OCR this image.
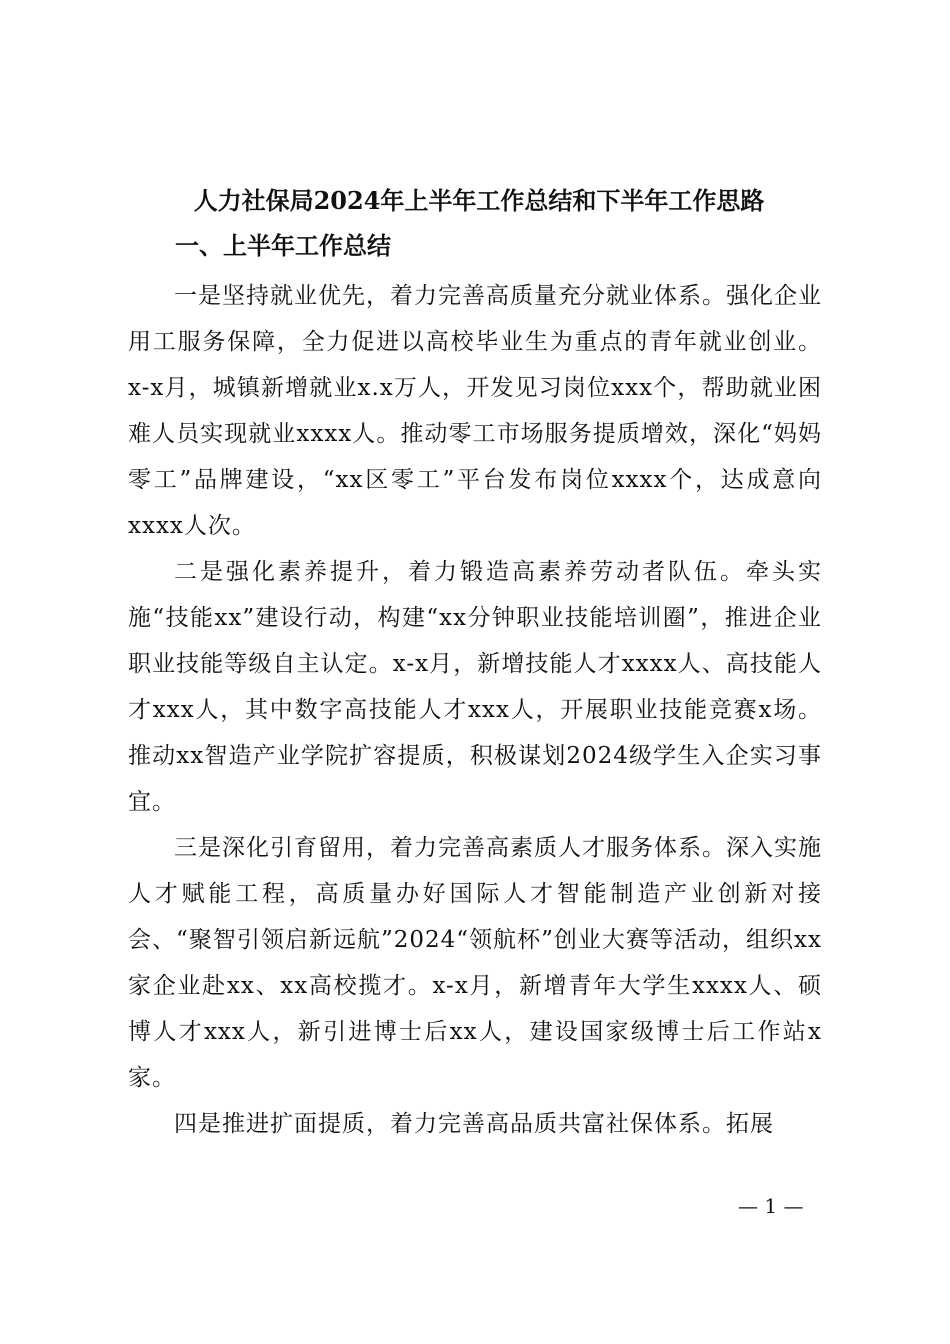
人力社保局2024年上半年工作总结和下半年工作思路
一、上半年工作总结

一是坚持就业优先，着力完善高质量充分就业体系。强化企业用工服务保障，全力促进以高校毕业生为重点的青年就业创业。x-x月，城镇新增就业x.x万人，开发见习岗位xxx个，帮助就业困难人员实现就业xxxx人。推动零工市场服务提质增效，深化“妈妈零工”品牌建设，“xx区零工”平台发布岗位xxxx个，达成意向xxxx人次。

二是强化素养提升，着力锻造高素养劳动者队伍。牵头实施“技能xx”建设行动，构建“xx分钟职业技能培训圈”，推进企业职业技能等级自主认定。x-x月，新增技能人才xxxx人、高技能人才xxx人，其中数字高技能人才xxx人，开展职业技能竞赛x场。推动xx智造产业学院扩容提质，积极谋划2024级学生入企实习事宜。

三是深化引育留用，着力完善高素质人才服务体系。深入实施人才赋能工程，高质量办好国际人才智能制造产业创新对接会、“聚智引领启新远航”2024“领航杯”创业大赛等活动，组织xx家企业赴xx、xx高校揽才。x-x月，新增青年大学生xxxx人、硕博人才xxx人，新引进博士后xx人，建设国家级博士后工作站x家。

四是推进扩面提质，着力完善高品质共富社保体系。拓展

— 1 —
